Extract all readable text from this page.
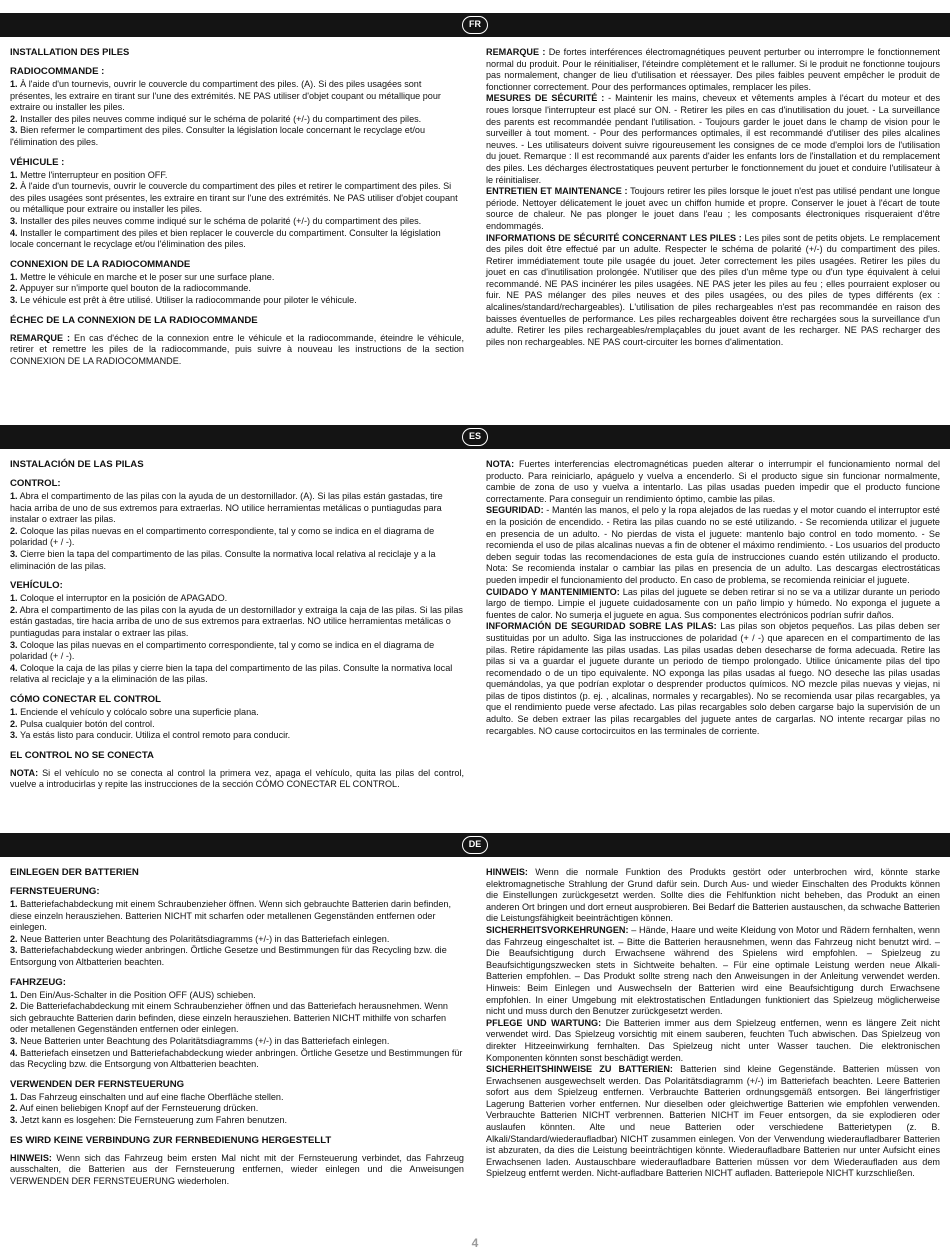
FR
INSTALLATION DES PILES
RADIOCOMMANDE :

1. À l'aide d'un tournevis, ouvrir le couvercle du compartiment des piles. (A). Si des piles usagées sont présentes, les extraire en tirant sur l'une des extrémités. NE PAS utiliser d'objet coupant ou métallique pour extraire ou installer les piles.

2. Installer des piles neuves comme indiqué sur le schéma de polarité (+/-) du compartiment des piles.

3. Bien refermer le compartiment des piles. Consulter la législation locale concernant le recyclage et/ou l'élimination des piles.

VÉHICULE :

1. Mettre l'interrupteur en position OFF.

2. À l'aide d'un tournevis, ouvrir le couvercle du compartiment des piles et retirer le compartiment des piles. Si des piles usagées sont présentes, les extraire en tirant sur l'une des extrémités. Ne PAS utiliser d'objet coupant ou métallique pour extraire ou installer les piles.

3. Installer des piles neuves comme indiqué sur le schéma de polarité (+/-) du compartiment des piles.

4. Installer le compartiment des piles et bien replacer le couvercle du compartiment. Consulter la législation locale concernant le recyclage et/ou l'élimination des piles.

CONNEXION DE LA RADIOCOMMANDE

1. Mettre le véhicule en marche et le poser sur une surface plane.

2. Appuyer sur n'importe quel bouton de la radiocommande.

3. Le véhicule est prêt à être utilisé. Utiliser la radiocommande pour piloter le véhicule.

ÉCHEC DE LA CONNEXION DE LA RADIOCOMMANDE

REMARQUE : En cas d'échec de la connexion entre le véhicule et la radiocommande, éteindre le véhicule, retirer et remettre les piles de la radiocommande, puis suivre à nouveau les instructions de la section CONNEXION DE LA RADIOCOMMANDE.

REMARQUE : De fortes interférences électromagnétiques peuvent perturber ou interrompre le fonctionnement normal du produit. Pour le réinitialiser, l'éteindre complètement et le rallumer. Si le produit ne fonctionne toujours pas normalement, changer de lieu d'utilisation et réessayer. Des piles faibles peuvent empêcher le produit de fonctionner correctement. Pour des performances optimales, remplacer les piles.

MESURES DE SÉCURITÉ : - Maintenir les mains, cheveux et vêtements amples à l'écart du moteur et des roues lorsque l'interrupteur est placé sur ON. - Retirer les piles en cas d'inutilisation du jouet. - La surveillance des parents est recommandée pendant l'utilisation. - Toujours garder le jouet dans le champ de vision pour le surveiller à tout moment. - Pour des performances optimales, il est recommandé d'utiliser des piles alcalines neuves. - Les utilisateurs doivent suivre rigoureusement les consignes de ce mode d'emploi lors de l'utilisation du jouet. Remarque : Il est recommandé aux parents d'aider les enfants lors de l'installation et du remplacement des piles. Les décharges électrostatiques peuvent perturber le fonctionnement du jouet et conduire l'utilisateur à le réinitialiser.

ENTRETIEN ET MAINTENANCE : Toujours retirer les piles lorsque le jouet n'est pas utilisé pendant une longue période. Nettoyer délicatement le jouet avec un chiffon humide et propre. Conserver le jouet à l'écart de toute source de chaleur. Ne pas plonger le jouet dans l'eau ; les composants électroniques risqueraient d'être endommagés.

INFORMATIONS DE SÉCURITÉ CONCERNANT LES PILES : Les piles sont de petits objets. Le remplacement des piles doit être effectué par un adulte. Respecter le schéma de polarité (+/-) du compartiment des piles. Retirer immédiatement toute pile usagée du jouet. Jeter correctement les piles usagées. Retirer les piles du jouet en cas d'inutilisation prolongée. N'utiliser que des piles d'un même type ou d'un type équivalent à celui recommandé. NE PAS incinérer les piles usagées. NE PAS jeter les piles au feu ; elles pourraient exploser ou fuir. NE PAS mélanger des piles neuves et des piles usagées, ou des piles de types différents (ex : alcalines/standard/rechargeables). L'utilisation de piles rechargeables n'est pas recommandée en raison des baisses éventuelles de performance. Les piles rechargeables doivent être rechargées sous la surveillance d'un adulte. Retirer les piles rechargeables/remplaçables du jouet avant de les recharger. NE PAS recharger des piles non rechargeables. NE PAS court-circuiter les bornes d'alimentation.

ES
INSTALACIÓN DE LAS PILAS
CONTROL:

1. Abra el compartimento de las pilas con la ayuda de un destornillador. (A). Si las pilas están gastadas, tire hacia arriba de uno de sus extremos para extraerlas. NO utilice herramientas metálicas o puntiagudas para instalar o extraer las pilas.

2. Coloque las pilas nuevas en el compartimento correspondiente, tal y como se indica en el diagrama de polaridad (+ / -).

3. Cierre bien la tapa del compartimento de las pilas. Consulte la normativa local relativa al reciclaje y a la eliminación de las pilas.

VEHÍCULO:

1. Coloque el interruptor en la posición de APAGADO.

2. Abra el compartimento de las pilas con la ayuda de un destornillador y extraiga la caja de las pilas. Si las pilas están gastadas, tire hacia arriba de uno de sus extremos para extraerlas. NO utilice herramientas metálicas o puntiagudas para instalar o extraer las pilas.

3. Coloque las pilas nuevas en el compartimento correspondiente, tal y como se indica en el diagrama de polaridad (+ / -).

4. Coloque la caja de las pilas y cierre bien la tapa del compartimento de las pilas. Consulte la normativa local relativa al reciclaje y a la eliminación de las pilas.

CÓMO CONECTAR EL CONTROL

1. Enciende el vehículo y colócalo sobre una superficie plana.

2. Pulsa cualquier botón del control.

3. Ya estás listo para conducir. Utiliza el control remoto para conducir.

EL CONTROL NO SE CONECTA

NOTA: Si el vehículo no se conecta al control la primera vez, apaga el vehículo, quita las pilas del control, vuelve a introducirlas y repite las instrucciones de la sección CÓMO CONECTAR EL CONTROL.

NOTA: Fuertes interferencias electromagnéticas pueden alterar o interrumpir el funcionamiento normal del producto. Para reiniciarlo, apáguelo y vuelva a encenderlo. Si el producto sigue sin funcionar normalmente, cambie de zona de uso y vuelva a intentarlo. Las pilas usadas pueden impedir que el producto funcione correctamente. Para conseguir un rendimiento óptimo, cambie las pilas.

SEGURIDAD: - Mantén las manos, el pelo y la ropa alejados de las ruedas y el motor cuando el interruptor esté en la posición de encendido. - Retira las pilas cuando no se esté utilizando. - Se recomienda utilizar el juguete en presencia de un adulto. - No pierdas de vista el juguete: mantenlo bajo control en todo momento. - Se recomienda el uso de pilas alcalinas nuevas a fin de obtener el máximo rendimiento. - Los usuarios del producto deben seguir todas las recomendaciones de esta guía de instrucciones cuando estén utilizando el producto. Nota: Se recomienda instalar o cambiar las pilas en presencia de un adulto. Las descargas electrostáticas pueden impedir el funcionamiento del producto. En caso de problema, se recomienda reiniciar el juguete.

CUIDADO Y MANTENIMIENTO: Las pilas del juguete se deben retirar si no se va a utilizar durante un periodo largo de tiempo. Limpie el juguete cuidadosamente con un paño limpio y húmedo. No exponga el juguete a fuentes de calor. No sumerja el juguete en agua. Sus componentes electrónicos podrían sufrir daños.

INFORMACIÓN DE SEGURIDAD SOBRE LAS PILAS: Las pilas son objetos pequeños. Las pilas deben ser sustituidas por un adulto. Siga las instrucciones de polaridad (+ / -) que aparecen en el compartimento de las pilas. Retire rápidamente las pilas usadas. Las pilas usadas deben desecharse de forma adecuada. Retire las pilas si va a guardar el juguete durante un periodo de tiempo prolongado. Utilice únicamente pilas del tipo recomendado o de un tipo equivalente. NO exponga las pilas usadas al fuego. NO deseche las pilas usadas quemándolas, ya que podrían explotar o desprender productos químicos. NO mezcle pilas nuevas y viejas, ni pilas de tipos distintos (p. ej. , alcalinas, normales y recargables). No se recomienda usar pilas recargables, ya que el rendimiento puede verse afectado. Las pilas recargables solo deben cargarse bajo la supervisión de un adulto. Se deben extraer las pilas recargables del juguete antes de cargarlas. NO intente recargar pilas no recargables. NO cause cortocircuitos en las terminales de corriente.

DE
EINLEGEN DER BATTERIEN
FERNSTEUERUNG:

1. Batteriefachabdeckung mit einem Schraubenzieher öffnen. Wenn sich gebrauchte Batterien darin befinden, diese einzeln herausziehen. Batterien NICHT mit scharfen oder metallenen Gegenständen entfernen oder einlegen.

2. Neue Batterien unter Beachtung des Polaritätsdiagramms (+/-) in das Batteriefach einlegen.

3. Batteriefachabdeckung wieder anbringen. Örtliche Gesetze und Bestimmungen für das Recycling bzw. die Entsorgung von Altbatterien beachten.

FAHRZEUG:

1. Den Ein/Aus-Schalter in die Position OFF (AUS) schieben.

2. Die Batteriefachabdeckung mit einem Schraubenzieher öffnen und das Batteriefach herausnehmen. Wenn sich gebrauchte Batterien darin befinden, diese einzeln herausziehen. Batterien NICHT mithilfe von scharfen oder metallenen Gegenständen entfernen oder einlegen.

3. Neue Batterien unter Beachtung des Polaritätsdiagramms (+/-) in das Batteriefach einlegen.

4. Batteriefach einsetzen und Batteriefachabdeckung wieder anbringen. Örtliche Gesetze und Bestimmungen für das Recycling bzw. die Entsorgung von Altbatterien beachten.

VERWENDEN DER FERNSTEUERUNG

1. Das Fahrzeug einschalten und auf eine flache Oberfläche stellen.

2. Auf einen beliebigen Knopf auf der Fernsteuerung drücken.

3. Jetzt kann es losgehen: Die Fernsteuerung zum Fahren benutzen.

ES WIRD KEINE VERBINDUNG ZUR FERNBEDIENUNG HERGESTELLT

HINWEIS: Wenn sich das Fahrzeug beim ersten Mal nicht mit der Fernsteuerung verbindet, das Fahrzeug ausschalten, die Batterien aus der Fernsteuerung entfernen, wieder einlegen und die Anweisungen VERWENDEN DER FERNSTEUERUNG wiederholen.

HINWEIS: Wenn die normale Funktion des Produkts gestört oder unterbrochen wird, könnte starke elektromagnetische Strahlung der Grund dafür sein. Durch Aus- und wieder Einschalten des Produkts können die Einstellungen zurückgesetzt werden. Sollte dies die Fehlfunktion nicht beheben, das Produkt an einen anderen Ort bringen und dort erneut ausprobieren. Bei Bedarf die Batterien austauschen, da schwache Batterien die Leistungsfähigkeit beeinträchtigen können.

SICHERHEITSVORKEHRUNGEN: – Hände, Haare und weite Kleidung von Motor und Rädern fernhalten, wenn das Fahrzeug eingeschaltet ist. – Bitte die Batterien herausnehmen, wenn das Fahrzeug nicht benutzt wird. – Die Beaufsichtigung durch Erwachsene während des Spielens wird empfohlen. – Spielzeug zu Beaufsichtigungszwecken stets in Sichtweite behalten. – Für eine optimale Leistung werden neue Alkali-Batterien empfohlen. – Das Produkt sollte streng nach den Anweisungen in der Anleitung verwendet werden. Hinweis: Beim Einlegen und Auswechseln der Batterien wird eine Beaufsichtigung durch Erwachsene empfohlen. In einer Umgebung mit elektrostatischen Entladungen funktioniert das Spielzeug möglicherweise nicht und muss durch den Benutzer zurückgesetzt werden.

PFLEGE UND WARTUNG: Die Batterien immer aus dem Spielzeug entfernen, wenn es längere Zeit nicht verwendet wird. Das Spielzeug vorsichtig mit einem sauberen, feuchten Tuch abwischen. Das Spielzeug von direkter Hitzeeinwirkung fernhalten. Das Spielzeug nicht unter Wasser tauchen. Die elektronischen Komponenten könnten sonst beschädigt werden.

SICHERHEITSHINWEISE ZU BATTERIEN: Batterien sind kleine Gegenstände. Batterien müssen von Erwachsenen ausgewechselt werden. Das Polaritätsdiagramm (+/-) im Batteriefach beachten. Leere Batterien sofort aus dem Spielzeug entfernen. Verbrauchte Batterien ordnungsgemäß entsorgen. Bei längerfristiger Lagerung Batterien vorher entfernen. Nur dieselben oder gleichwertige Batterien wie empfohlen verwenden. Verbrauchte Batterien NICHT verbrennen. Batterien NICHT im Feuer entsorgen, da sie explodieren oder auslaufen könnten. Alte und neue Batterien oder verschiedene Batterietypen (z. B. Alkali/Standard/wiederaufladbar) NICHT zusammen einlegen. Von der Verwendung wiederaufladbarer Batterien ist abzuraten, da dies die Leistung beeinträchtigen könnte. Wiederaufladbare Batterien nur unter Aufsicht eines Erwachsenen laden. Austauschbare wiederaufladbare Batterien müssen vor dem Wiederaufladen aus dem Spielzeug entfernt werden. Nicht-aufladbare Batterien NICHT aufladen. Batteriepole NICHT kurzschließen.

4
